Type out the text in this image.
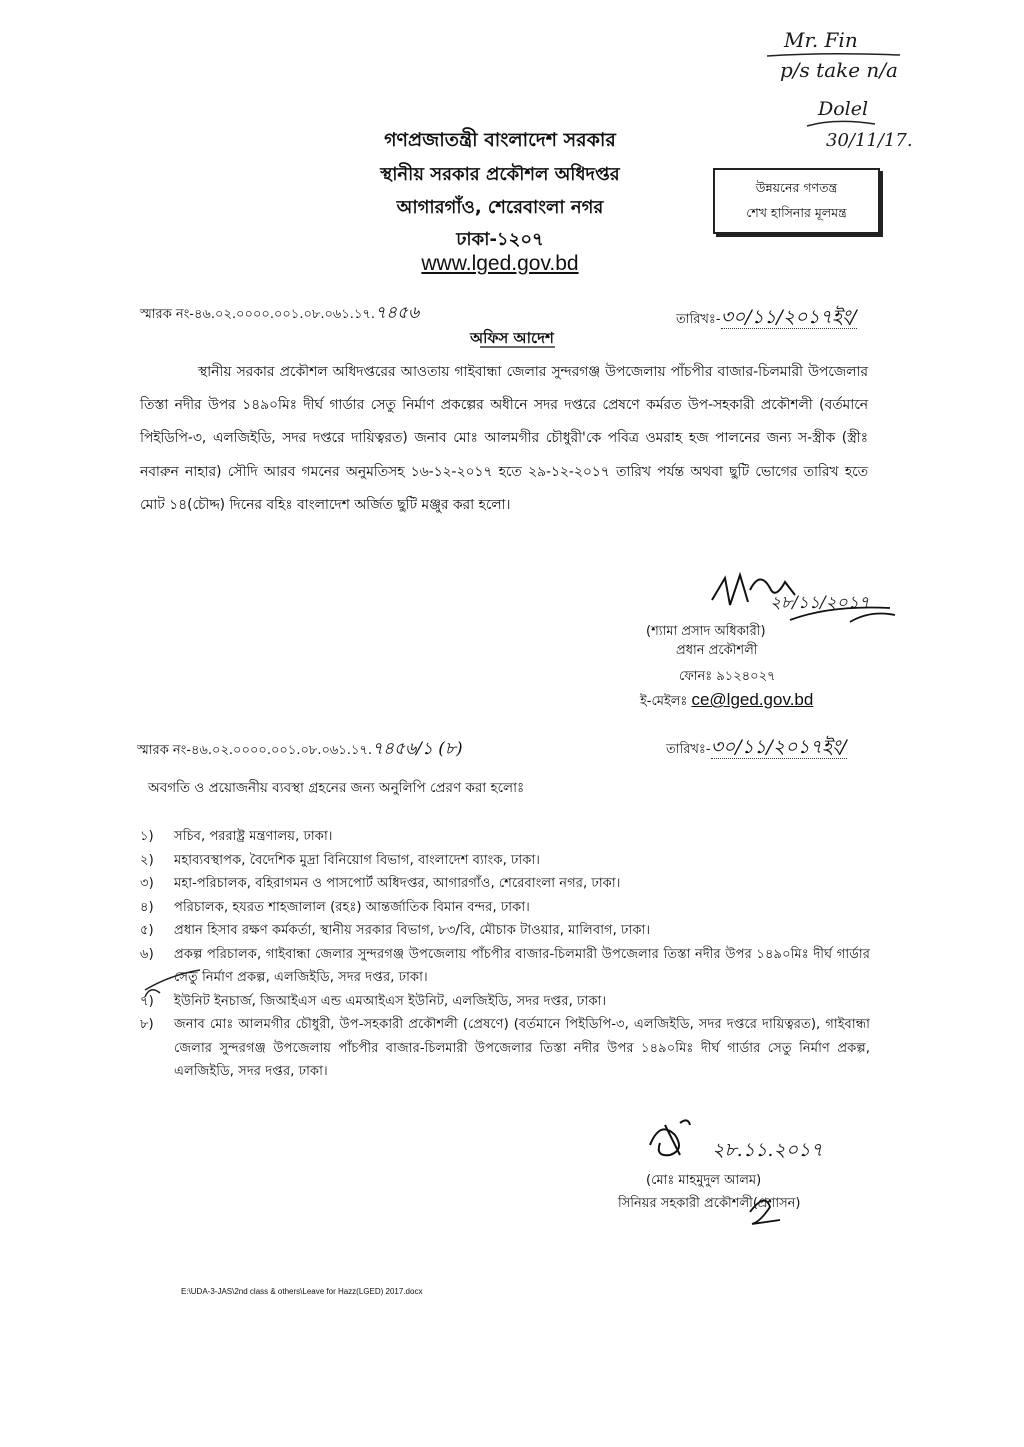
Mr. Fin
p/s take n/a
Dolel
30/11/17.
গণপ্রজাতন্ত্রী বাংলাদেশ সরকার
স্থানীয় সরকার প্রকৌশল অধিদপ্তর
আগারগাঁও, শেরেবাংলা নগর
ঢাকা-১২০৭
www.lged.gov.bd
উন্নয়নের গণতন্ত্র
শেখ হাসিনার মূলমন্ত্র
স্মারক নং-৪৬.০২.০০০০.০০১.০৮.০৬১.১৭.৭৪৫৬	তারিখঃ-৩০/১১/২০১৭ইং/
অফিস আদেশ
স্থানীয় সরকার প্রকৌশল অধিদপ্তরের আওতায় গাইবান্ধা জেলার সুন্দরগঞ্জ উপজেলায় পাঁচপীর বাজার-চিলমারী উপজেলার তিস্তা নদীর উপর ১৪৯০মিঃ দীর্ঘ গার্ডার সেতু নির্মাণ প্রকল্পের অধীনে সদর দপ্তরে প্রেষণে কর্মরত উপ-সহকারী প্রকৌশলী (বর্তমানে পিইডিপি-৩, এলজিইডি, সদর দপ্তরে দায়িত্বরত) জনাব মোঃ আলমগীর চৌধুরী'কে পবিত্র ওমরাহ হজ পালনের জন্য স-স্ত্রীক (স্ত্রীঃ নবারুন নাহার) সৌদি আরব গমনের অনুমতিসহ ১৬-১২-২০১৭ হতে ২৯-১২-২০১৭ তারিখ পর্যন্ত অথবা ছুটি ভোগের তারিখ হতে মোট ১৪(চৌদ্দ) দিনের বহিঃ বাংলাদেশ অর্জিত ছুটি মঞ্জুর করা হলো।
২৮/১১/২০১৭
(শ্যামা প্রসাদ অধিকারী)
প্রধান প্রকৌশলী
ফোনঃ ৯১২৪০২৭
ই-মেইলঃ ce@lged.gov.bd
স্মারক নং-৪৬.০২.০০০০.০০১.০৮.০৬১.১৭.৭৪৫৬/১ (৮)	তারিখঃ-৩০/১১/২০১৭ইং/
অবগতি ও প্রয়োজনীয় ব্যবস্থা গ্রহনের জন্য অনুলিপি প্রেরণ করা হলোঃ
১)	সচিব, পররাষ্ট্র মন্ত্রণালয়, ঢাকা।
২)	মহাব্যবস্থাপক, বৈদেশিক মুদ্রা বিনিয়োগ বিভাগ, বাংলাদেশ ব্যাংক, ঢাকা।
৩)	মহা-পরিচালক, বহিরাগমন ও পাসপোর্ট অধিদপ্তর, আগারগাঁও, শেরেবাংলা নগর, ঢাকা।
৪)	পরিচালক, হযরত শাহজালাল (রহঃ) আন্তর্জাতিক বিমান বন্দর, ঢাকা।
৫)	প্রধান হিসাব রক্ষণ কর্মকর্তা, স্থানীয় সরকার বিভাগ, ৮৩/বি, মৌচাক টাওয়ার, মালিবাগ, ঢাকা।
৬)	প্রকল্প পরিচালক, গাইবান্ধা জেলার সুন্দরগঞ্জ উপজেলায় পাঁচপীর বাজার-চিলমারী উপজেলার তিস্তা নদীর উপর ১৪৯০মিঃ দীর্ঘ গার্ডার সেতু নির্মাণ প্রকল্প, এলজিইডি, সদর দপ্তর, ঢাকা।
৭)	ইউনিট ইনচার্জ, জিআইএস এন্ড এমআইএস ইউনিট, এলজিইডি, সদর দপ্তর, ঢাকা।
৮)	জনাব মোঃ আলমগীর চৌধুরী, উপ-সহকারী প্রকৌশলী (প্রেষণে) (বর্তমানে পিইডিপি-৩, এলজিইডি, সদর দপ্তরে দায়িত্বরত), গাইবান্ধা জেলার সুন্দরগঞ্জ উপজেলায় পাঁচপীর বাজার-চিলমারী উপজেলার তিস্তা নদীর উপর ১৪৯০মিঃ দীর্ঘ গার্ডার সেতু নির্মাণ প্রকল্প, এলজিইডি, সদর দপ্তর, ঢাকা।
২৮.১১.২০১৭
(মোঃ মাহমুদুল আলম)
সিনিয়র সহকারী প্রকৌশলী(প্রশাসন)
E:\UDA-3-JAS\2nd class & others\Leave for Hazz(LGED) 2017.docx
